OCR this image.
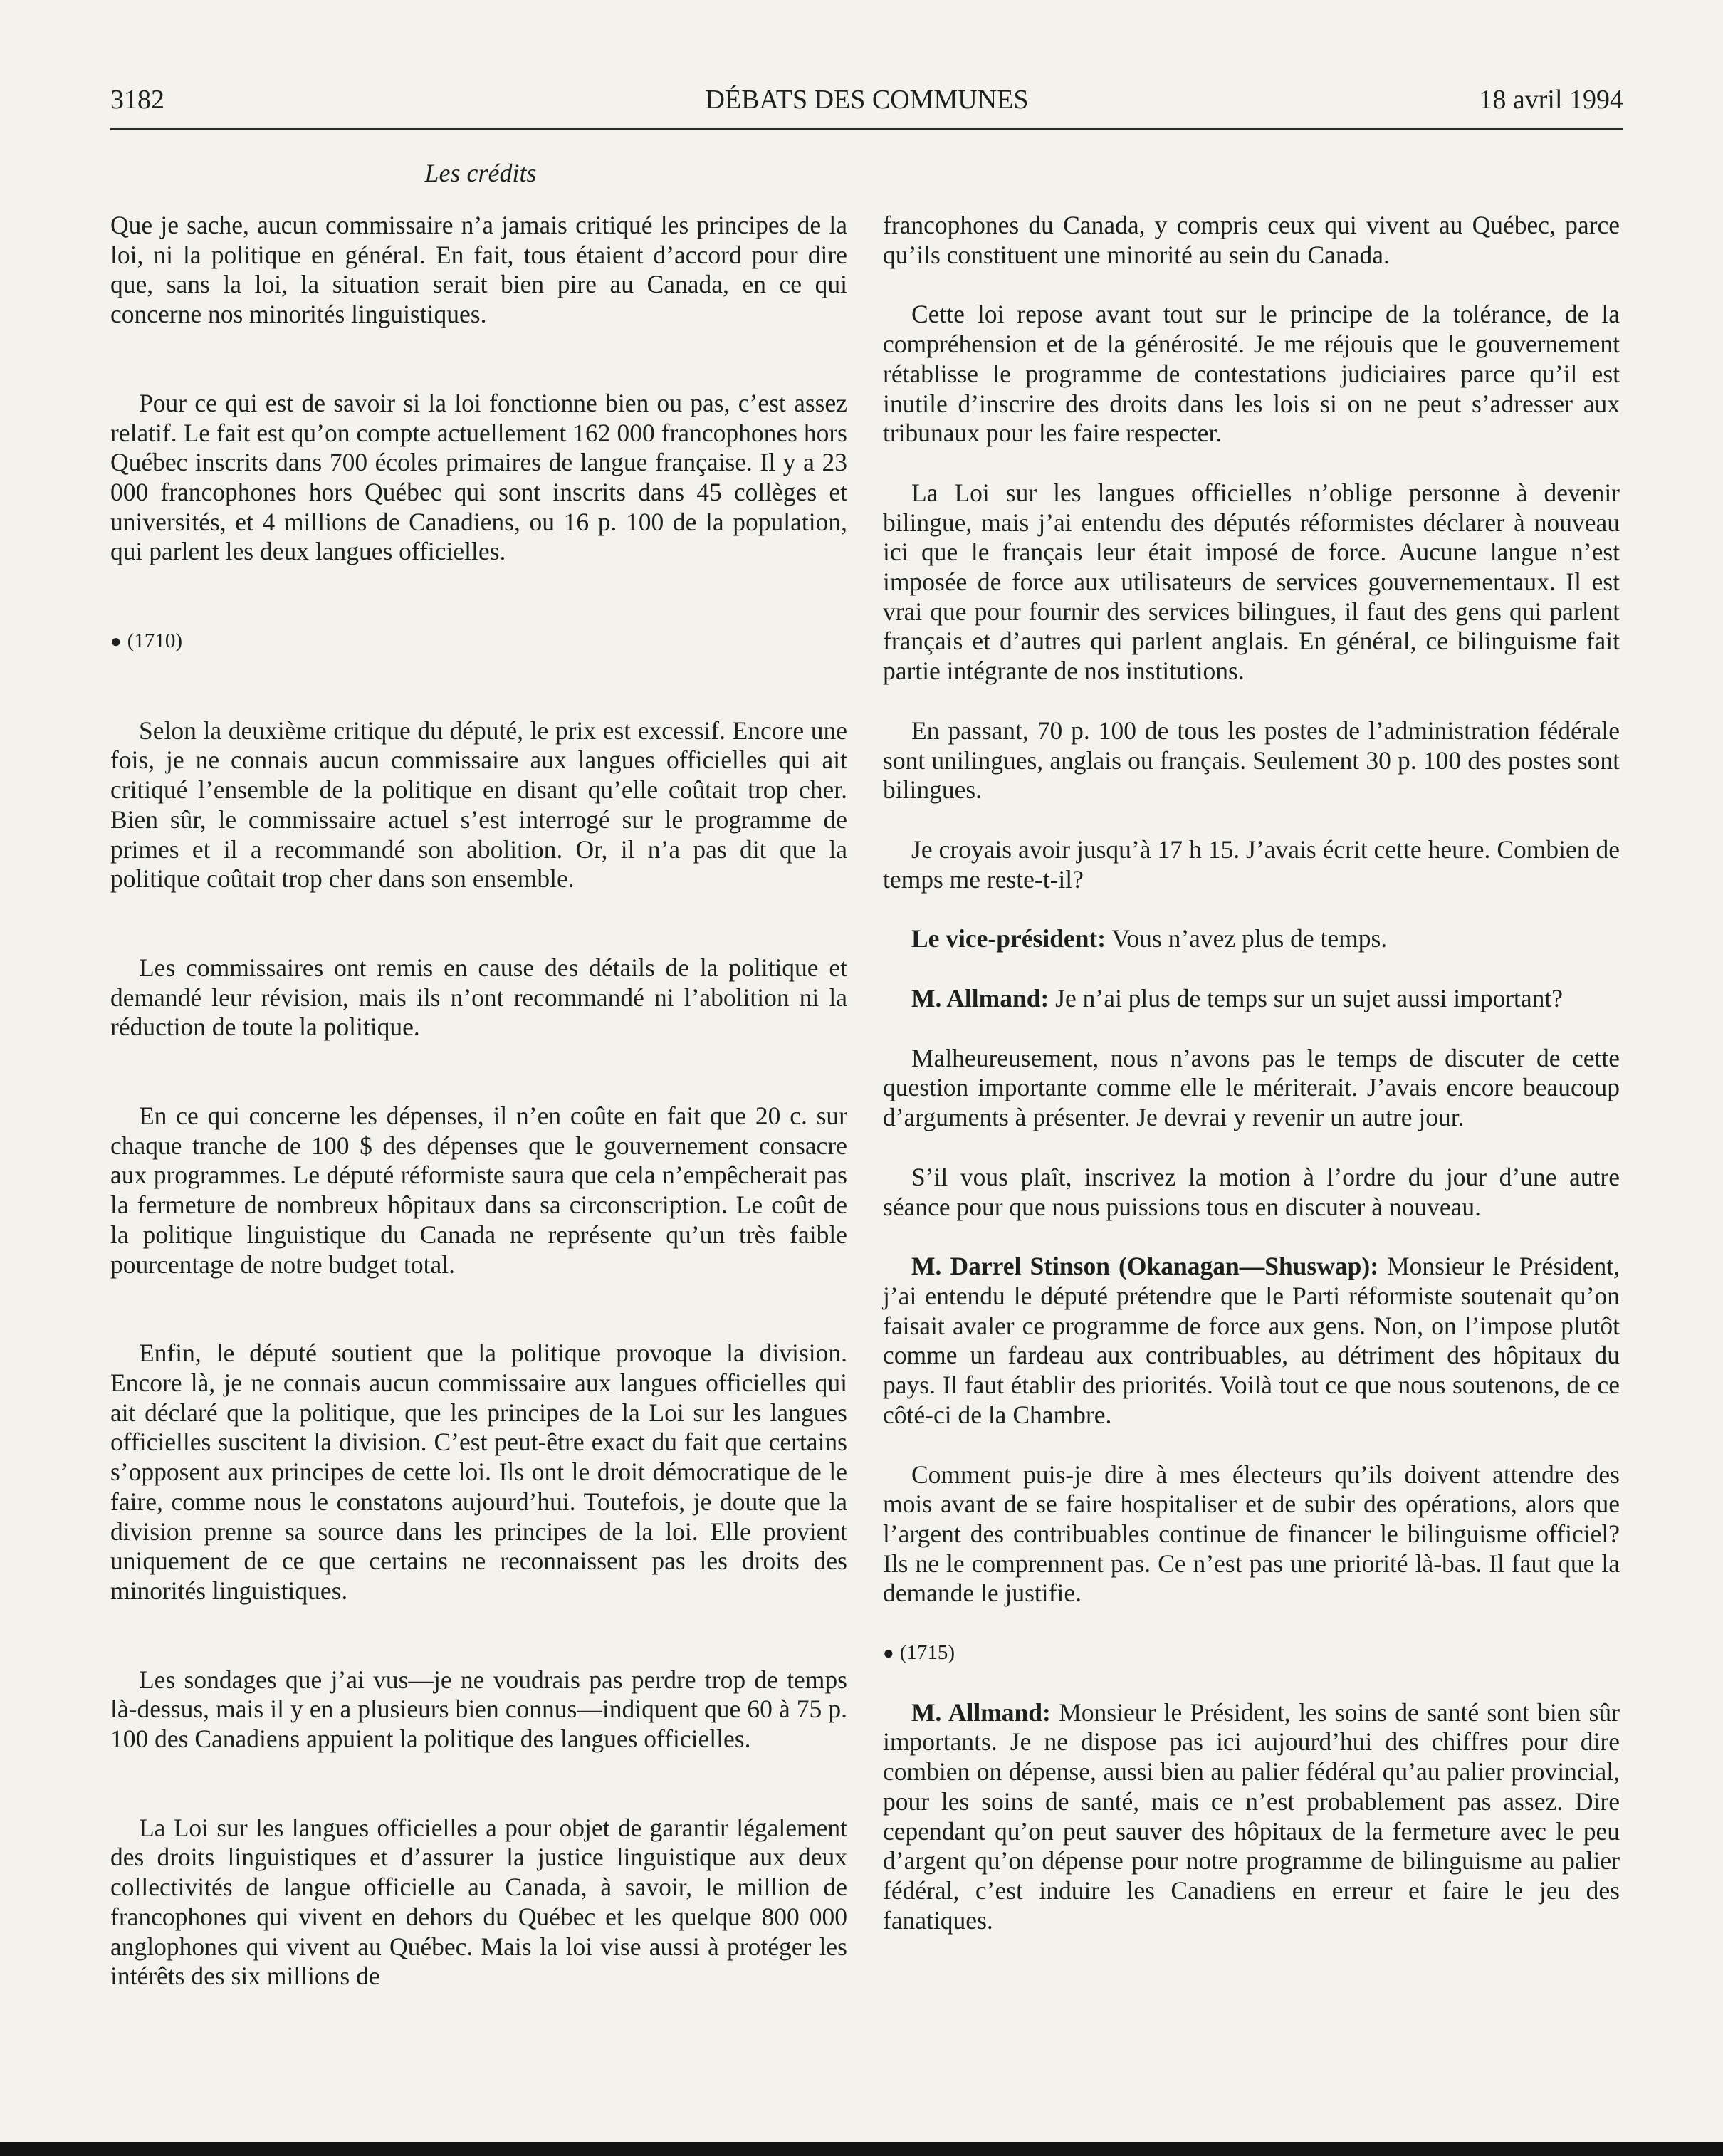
3182	DÉBATS DES COMMUNES	18 avril 1994
Les crédits

Que je sache, aucun commissaire n’a jamais critiqué les principes de la loi, ni la politique en général. En fait, tous étaient d’accord pour dire que, sans la loi, la situation serait bien pire au Canada, en ce qui concerne nos minorités linguistiques.

Pour ce qui est de savoir si la loi fonctionne bien ou pas, c’est assez relatif. Le fait est qu’on compte actuellement 162 000 francophones hors Québec inscrits dans 700 écoles primaires de langue française. Il y a 23 000 francophones hors Québec qui sont inscrits dans 45 collèges et universités, et 4 millions de Canadiens, ou 16 p. 100 de la population, qui parlent les deux langues officielles.

● (1710)

Selon la deuxième critique du député, le prix est excessif. Encore une fois, je ne connais aucun commissaire aux langues officielles qui ait critiqué l’ensemble de la politique en disant qu’elle coûtait trop cher. Bien sûr, le commissaire actuel s’est interrogé sur le programme de primes et il a recommandé son abolition. Or, il n’a pas dit que la politique coûtait trop cher dans son ensemble.

Les commissaires ont remis en cause des détails de la politique et demandé leur révision, mais ils n’ont recommandé ni l’abolition ni la réduction de toute la politique.

En ce qui concerne les dépenses, il n’en coûte en fait que 20 c. sur chaque tranche de 100 $ des dépenses que le gouvernement consacre aux programmes. Le député réformiste saura que cela n’empêcherait pas la fermeture de nombreux hôpitaux dans sa circonscription. Le coût de la politique linguistique du Canada ne représente qu’un très faible pourcentage de notre budget total.

Enfin, le député soutient que la politique provoque la division. Encore là, je ne connais aucun commissaire aux langues officielles qui ait déclaré que la politique, que les principes de la Loi sur les langues officielles suscitent la division. C’est peut-être exact du fait que certains s’opposent aux principes de cette loi. Ils ont le droit démocratique de le faire, comme nous le constatons aujourd’hui. Toutefois, je doute que la division prenne sa source dans les principes de la loi. Elle provient uniquement de ce que certains ne reconnaissent pas les droits des minorités linguistiques.

Les sondages que j’ai vus—je ne voudrais pas perdre trop de temps là-dessus, mais il y en a plusieurs bien connus—indiquent que 60 à 75 p. 100 des Canadiens appuient la politique des langues officielles.

La Loi sur les langues officielles a pour objet de garantir légalement des droits linguistiques et d’assurer la justice linguistique aux deux collectivités de langue officielle au Canada, à savoir, le million de francophones qui vivent en dehors du Québec et les quelque 800 000 anglophones qui vivent au Québec. Mais la loi vise aussi à protéger les intérêts des six millions de

francophones du Canada, y compris ceux qui vivent au Québec, parce qu’ils constituent une minorité au sein du Canada.

Cette loi repose avant tout sur le principe de la tolérance, de la compréhension et de la générosité. Je me réjouis que le gouvernement rétablisse le programme de contestations judiciaires parce qu’il est inutile d’inscrire des droits dans les lois si on ne peut s’adresser aux tribunaux pour les faire respecter.

La Loi sur les langues officielles n’oblige personne à devenir bilingue, mais j’ai entendu des députés réformistes déclarer à nouveau ici que le français leur était imposé de force. Aucune langue n’est imposée de force aux utilisateurs de services gouvernementaux. Il est vrai que pour fournir des services bilingues, il faut des gens qui parlent français et d’autres qui parlent anglais. En général, ce bilinguisme fait partie intégrante de nos institutions.

En passant, 70 p. 100 de tous les postes de l’administration fédérale sont unilingues, anglais ou français. Seulement 30 p. 100 des postes sont bilingues.

Je croyais avoir jusqu’à 17 h 15. J’avais écrit cette heure. Combien de temps me reste-t-il?

Le vice-président: Vous n’avez plus de temps.

M. Allmand: Je n’ai plus de temps sur un sujet aussi important?

Malheureusement, nous n’avons pas le temps de discuter de cette question importante comme elle le mériterait. J’avais encore beaucoup d’arguments à présenter. Je devrai y revenir un autre jour.

S’il vous plaît, inscrivez la motion à l’ordre du jour d’une autre séance pour que nous puissions tous en discuter à nouveau.

M. Darrel Stinson (Okanagan—Shuswap): Monsieur le Président, j’ai entendu le député prétendre que le Parti réformiste soutenait qu’on faisait avaler ce programme de force aux gens. Non, on l’impose plutôt comme un fardeau aux contribuables, au détriment des hôpitaux du pays. Il faut établir des priorités. Voilà tout ce que nous soutenons, de ce côté-ci de la Chambre.

Comment puis-je dire à mes électeurs qu’ils doivent attendre des mois avant de se faire hospitaliser et de subir des opérations, alors que l’argent des contribuables continue de financer le bilinguisme officiel? Ils ne le comprennent pas. Ce n’est pas une priorité là-bas. Il faut que la demande le justifie.

● (1715)

M. Allmand: Monsieur le Président, les soins de santé sont bien sûr importants. Je ne dispose pas ici aujourd’hui des chiffres pour dire combien on dépense, aussi bien au palier fédéral qu’au palier provincial, pour les soins de santé, mais ce n’est probablement pas assez. Dire cependant qu’on peut sauver des hôpitaux de la fermeture avec le peu d’argent qu’on dépense pour notre programme de bilinguisme au palier fédéral, c’est induire les Canadiens en erreur et faire le jeu des fanatiques.
